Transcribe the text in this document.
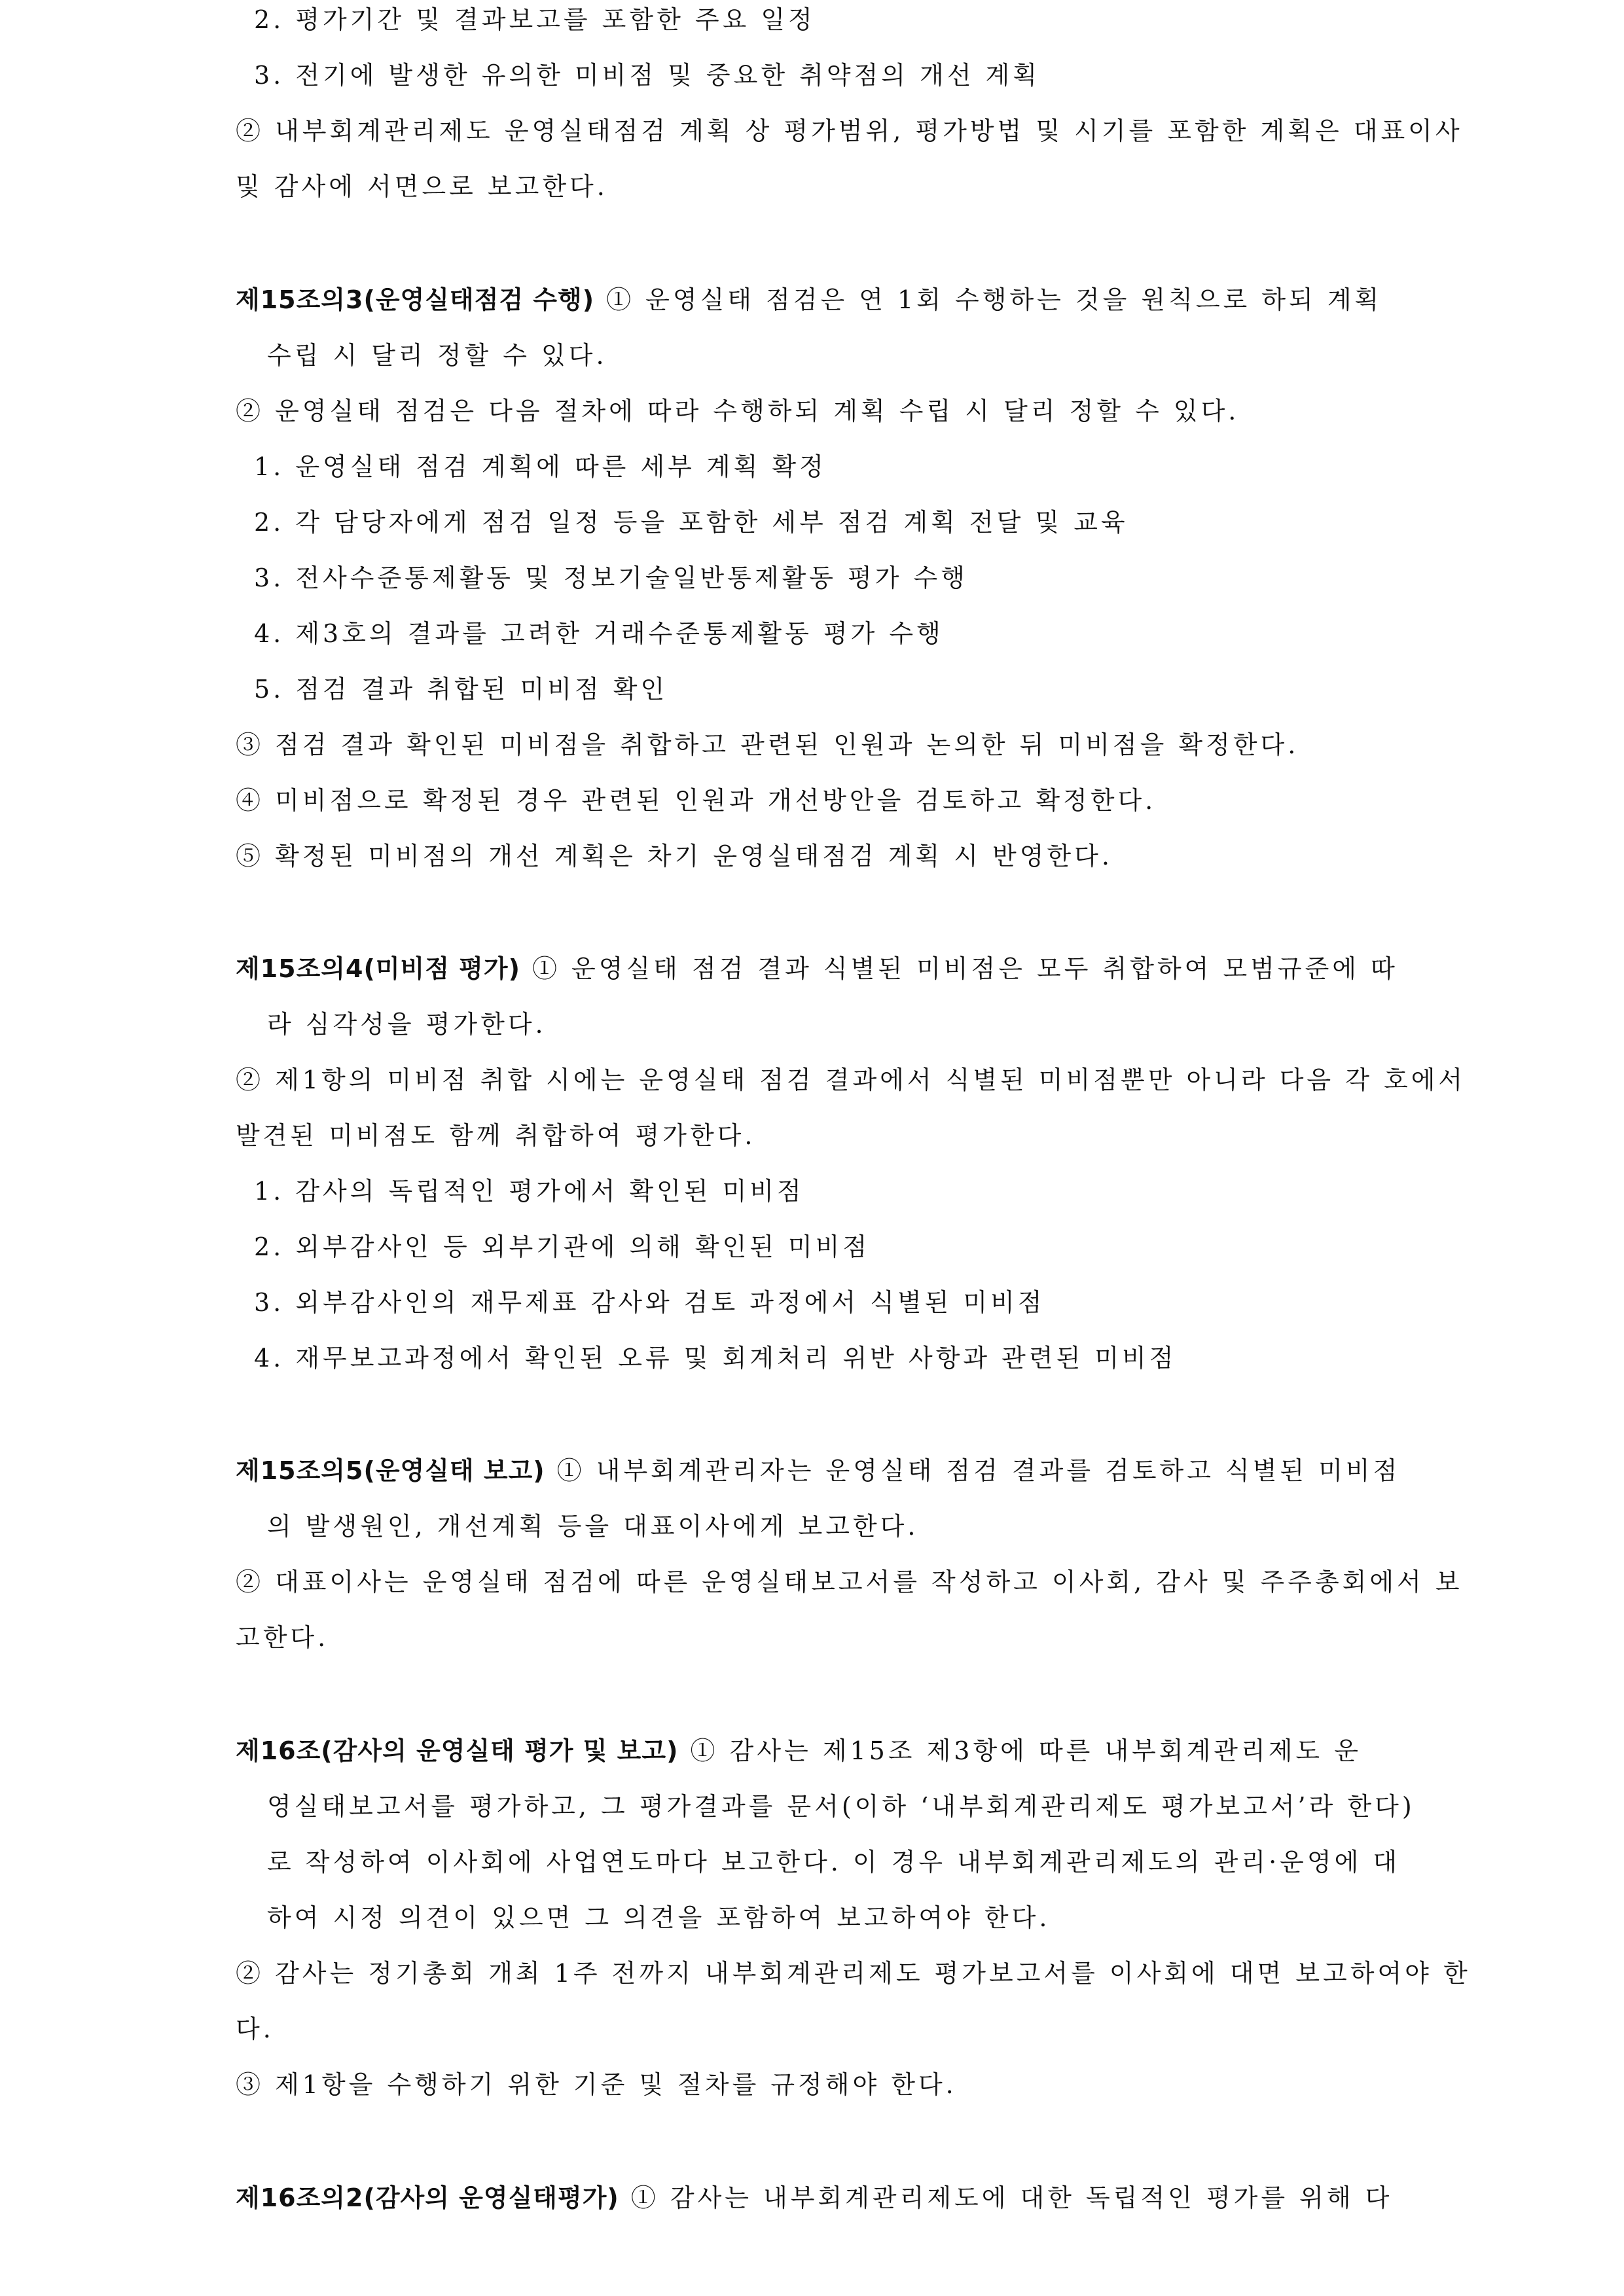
2. 평가기간 및 결과보고를 포함한 주요 일정
3. 전기에 발생한 유의한 미비점 및 중요한 취약점의 개선 계획
② 내부회계관리제도 운영실태점검 계획 상 평가범위, 평가방법 및 시기를 포함한 계획은 대표이사
및 감사에 서면으로 보고한다.
제15조의3(운영실태점검 수행) ① 운영실태 점검은 연 1회 수행하는 것을 원칙으로 하되 계획
수립 시 달리 정할 수 있다.
② 운영실태 점검은 다음 절차에 따라 수행하되 계획 수립 시 달리 정할 수 있다.
1. 운영실태 점검 계획에 따른 세부 계획 확정
2. 각 담당자에게 점검 일정 등을 포함한 세부 점검 계획 전달 및 교육
3. 전사수준통제활동 및 정보기술일반통제활동 평가 수행
4. 제3호의 결과를 고려한 거래수준통제활동 평가 수행
5. 점검 결과 취합된 미비점 확인
③ 점검 결과 확인된 미비점을 취합하고 관련된 인원과 논의한 뒤 미비점을 확정한다.
④ 미비점으로 확정된 경우 관련된 인원과 개선방안을 검토하고 확정한다.
⑤ 확정된 미비점의 개선 계획은 차기 운영실태점검 계획 시 반영한다.
제15조의4(미비점 평가) ① 운영실태 점검 결과 식별된 미비점은 모두 취합하여 모범규준에 따
라 심각성을 평가한다.
② 제1항의 미비점 취합 시에는 운영실태 점검 결과에서 식별된 미비점뿐만 아니라 다음 각 호에서
발견된 미비점도 함께 취합하여 평가한다.
1. 감사의 독립적인 평가에서 확인된 미비점
2. 외부감사인 등 외부기관에 의해 확인된 미비점
3. 외부감사인의 재무제표 감사와 검토 과정에서 식별된 미비점
4. 재무보고과정에서 확인된 오류 및 회계처리 위반 사항과 관련된 미비점
제15조의5(운영실태 보고) ① 내부회계관리자는 운영실태 점검 결과를 검토하고 식별된 미비점
의 발생원인, 개선계획 등을 대표이사에게 보고한다.
② 대표이사는 운영실태 점검에 따른 운영실태보고서를 작성하고 이사회, 감사 및 주주총회에서 보
고한다.
제16조(감사의 운영실태 평가 및 보고) ① 감사는 제15조 제3항에 따른 내부회계관리제도 운
영실태보고서를 평가하고, 그 평가결과를 문서(이하 ‘내부회계관리제도 평가보고서’라 한다)
로 작성하여 이사회에 사업연도마다 보고한다. 이 경우 내부회계관리제도의 관리·운영에 대
하여 시정 의견이 있으면 그 의견을 포함하여 보고하여야 한다.
② 감사는 정기총회 개최 1주 전까지 내부회계관리제도 평가보고서를 이사회에 대면 보고하여야 한
다.
③ 제1항을 수행하기 위한 기준 및 절차를 규정해야 한다.
제16조의2(감사의 운영실태평가) ① 감사는 내부회계관리제도에 대한 독립적인 평가를 위해 다
